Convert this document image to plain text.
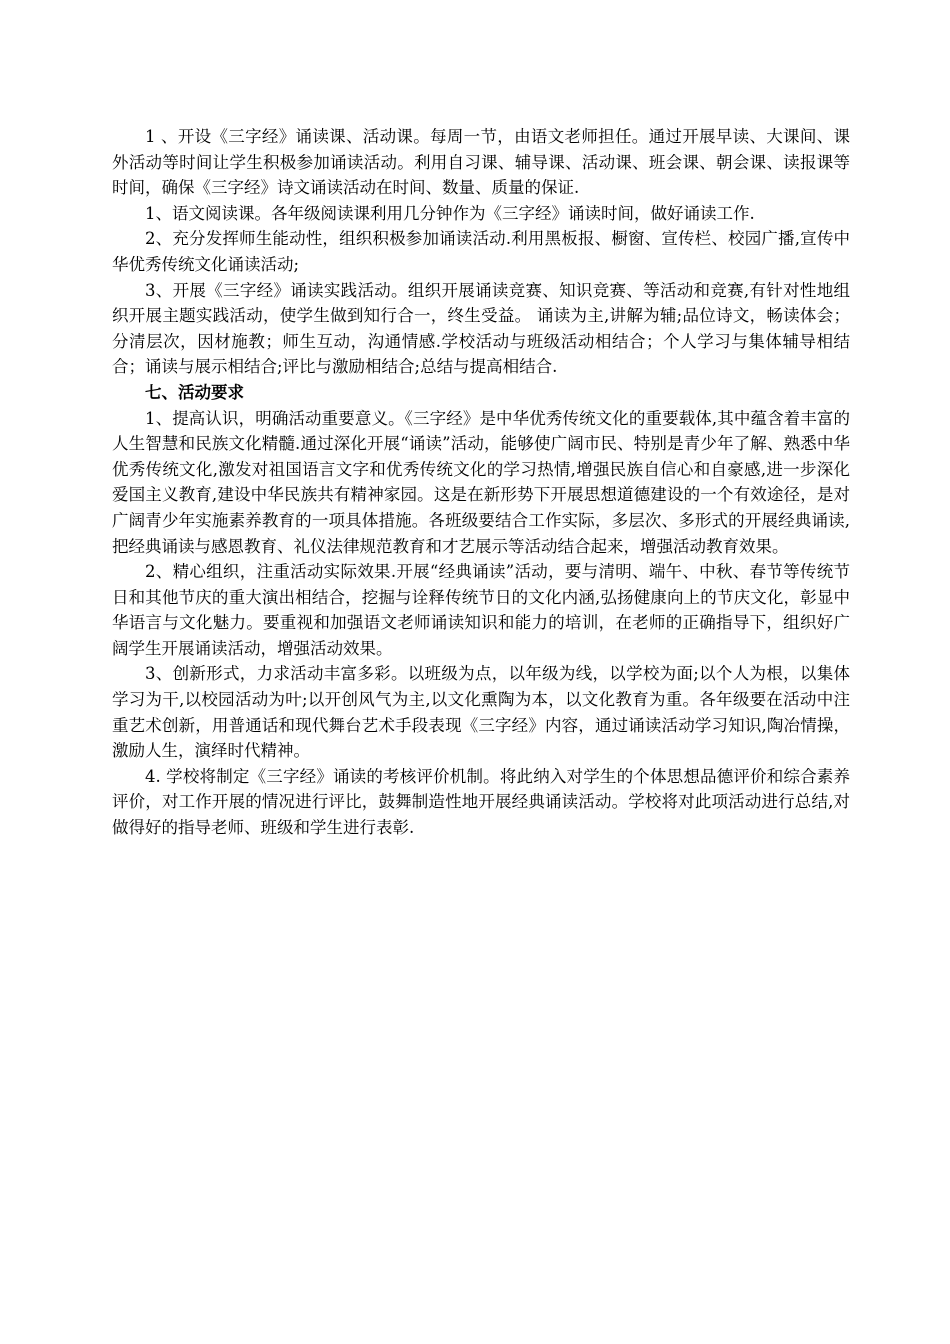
1 、开设《三字经》诵读课、活动课。每周一节，由语文老师担任。通过开展早读、大课间、课外活动等时间让学生积极参加诵读活动。利用自习课、辅导课、活动课、班会课、朝会课、读报课等时间，确保《三字经》诗文诵读活动在时间、数量、质量的保证.

1、语文阅读课。各年级阅读课利用几分钟作为《三字经》诵读时间，做好诵读工作.

2、充分发挥师生能动性，组织积极参加诵读活动.利用黑板报、橱窗、宣传栏、校园广播,宣传中华优秀传统文化诵读活动;

3、开展《三字经》诵读实践活动。组织开展诵读竞赛、知识竞赛、等活动和竞赛,有针对性地组织开展主题实践活动，使学生做到知行合一，终生受益。 诵读为主,讲解为辅;品位诗文，畅读体会；分清层次，因材施教；师生互动，沟通情感.学校活动与班级活动相结合；个人学习与集体辅导相结合；诵读与展示相结合;评比与激励相结合;总结与提高相结合.

七、活动要求

1、提高认识，明确活动重要意义。《三字经》是中华优秀传统文化的重要载体,其中蕴含着丰富的人生智慧和民族文化精髓.通过深化开展“诵读”活动，能够使广阔市民、特别是青少年了解、熟悉中华优秀传统文化,激发对祖国语言文字和优秀传统文化的学习热情,增强民族自信心和自豪感,进一步深化爱国主义教育,建设中华民族共有精神家园。这是在新形势下开展思想道德建设的一个有效途径，是对广阔青少年实施素养教育的一项具体措施。各班级要结合工作实际，多层次、多形式的开展经典诵读,把经典诵读与感恩教育、礼仪法律规范教育和才艺展示等活动结合起来，增强活动教育效果。

2、精心组织，注重活动实际效果.开展“经典诵读”活动，要与清明、端午、中秋、春节等传统节日和其他节庆的重大演出相结合，挖掘与诠释传统节日的文化内涵,弘扬健康向上的节庆文化，彰显中华语言与文化魅力。要重视和加强语文老师诵读知识和能力的培训，在老师的正确指导下，组织好广阔学生开展诵读活动，增强活动效果。

3、创新形式，力求活动丰富多彩。以班级为点，以年级为线，以学校为面;以个人为根，以集体学习为干,以校园活动为叶;以开创风气为主,以文化熏陶为本，以文化教育为重。各年级要在活动中注重艺术创新，用普通话和现代舞台艺术手段表现《三字经》内容，通过诵读活动学习知识,陶冶情操，激励人生，演绎时代精神。

4. 学校将制定《三字经》诵读的考核评价机制。将此纳入对学生的个体思想品德评价和综合素养评价，对工作开展的情况进行评比，鼓舞制造性地开展经典诵读活动。学校将对此项活动进行总结,对做得好的指导老师、班级和学生进行表彰.
